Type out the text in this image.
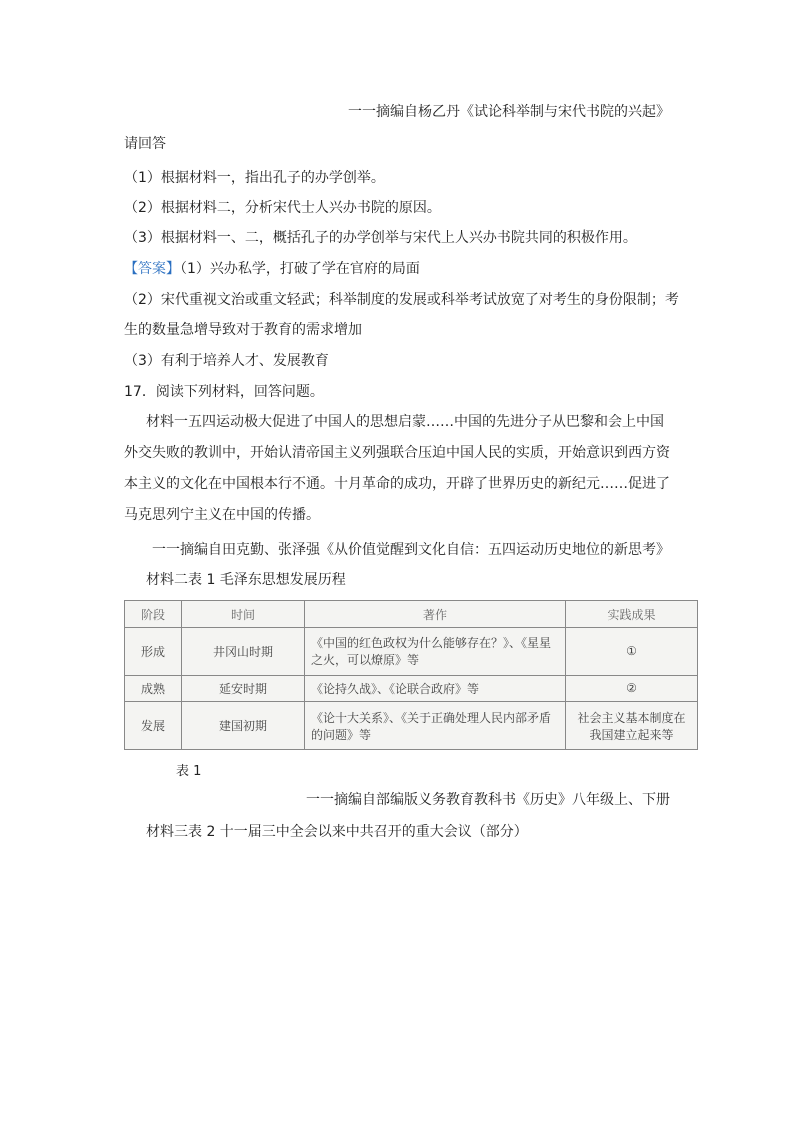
一一摘编自杨乙丹《试论科举制与宋代书院的兴起》
请回答
（1）根据材料一，指出孔子的办学创举。
（2）根据材料二，分析宋代士人兴办书院的原因。
（3）根据材料一、二，概括孔子的办学创举与宋代上人兴办书院共同的积极作用。
【答案】（1）兴办私学，打破了学在官府的局面
（2）宋代重视文治或重文轻武；科举制度的发展或科举考试放宽了对考生的身份限制；考
生的数量急增导致对于教育的需求增加
（3）有利于培养人才、发展教育
17．阅读下列材料，回答问题。
材料一五四运动极大促进了中国人的思想启蒙……中国的先进分子从巴黎和会上中国
外交失败的教训中，开始认清帝国主义列强联合压迫中国人民的实质，开始意识到西方资
本主义的文化在中国根本行不通。十月革命的成功，开辟了世界历史的新纪元……促进了
马克思列宁主义在中国的传播。
一一摘编自田克勤、张泽强《从价值觉醒到文化自信：五四运动历史地位的新思考》
材料二表 1 毛泽东思想发展历程
阶段	时间	著作	实践成果
形成	井冈山时期	《中国的红色政权为什么能够存在？》、《星星之火，可以燎原》等	①
成熟	延安时期	《论持久战》、《论联合政府》等	②
发展	建国初期	《论十大关系》、《关于正确处理人民内部矛盾的问题》等	社会主义基本制度在我国建立起来等
表 1
一一摘编自部编版义务教育教科书《历史》八年级上、下册
材料三表 2 十一届三中全会以来中共召开的重大会议（部分）
